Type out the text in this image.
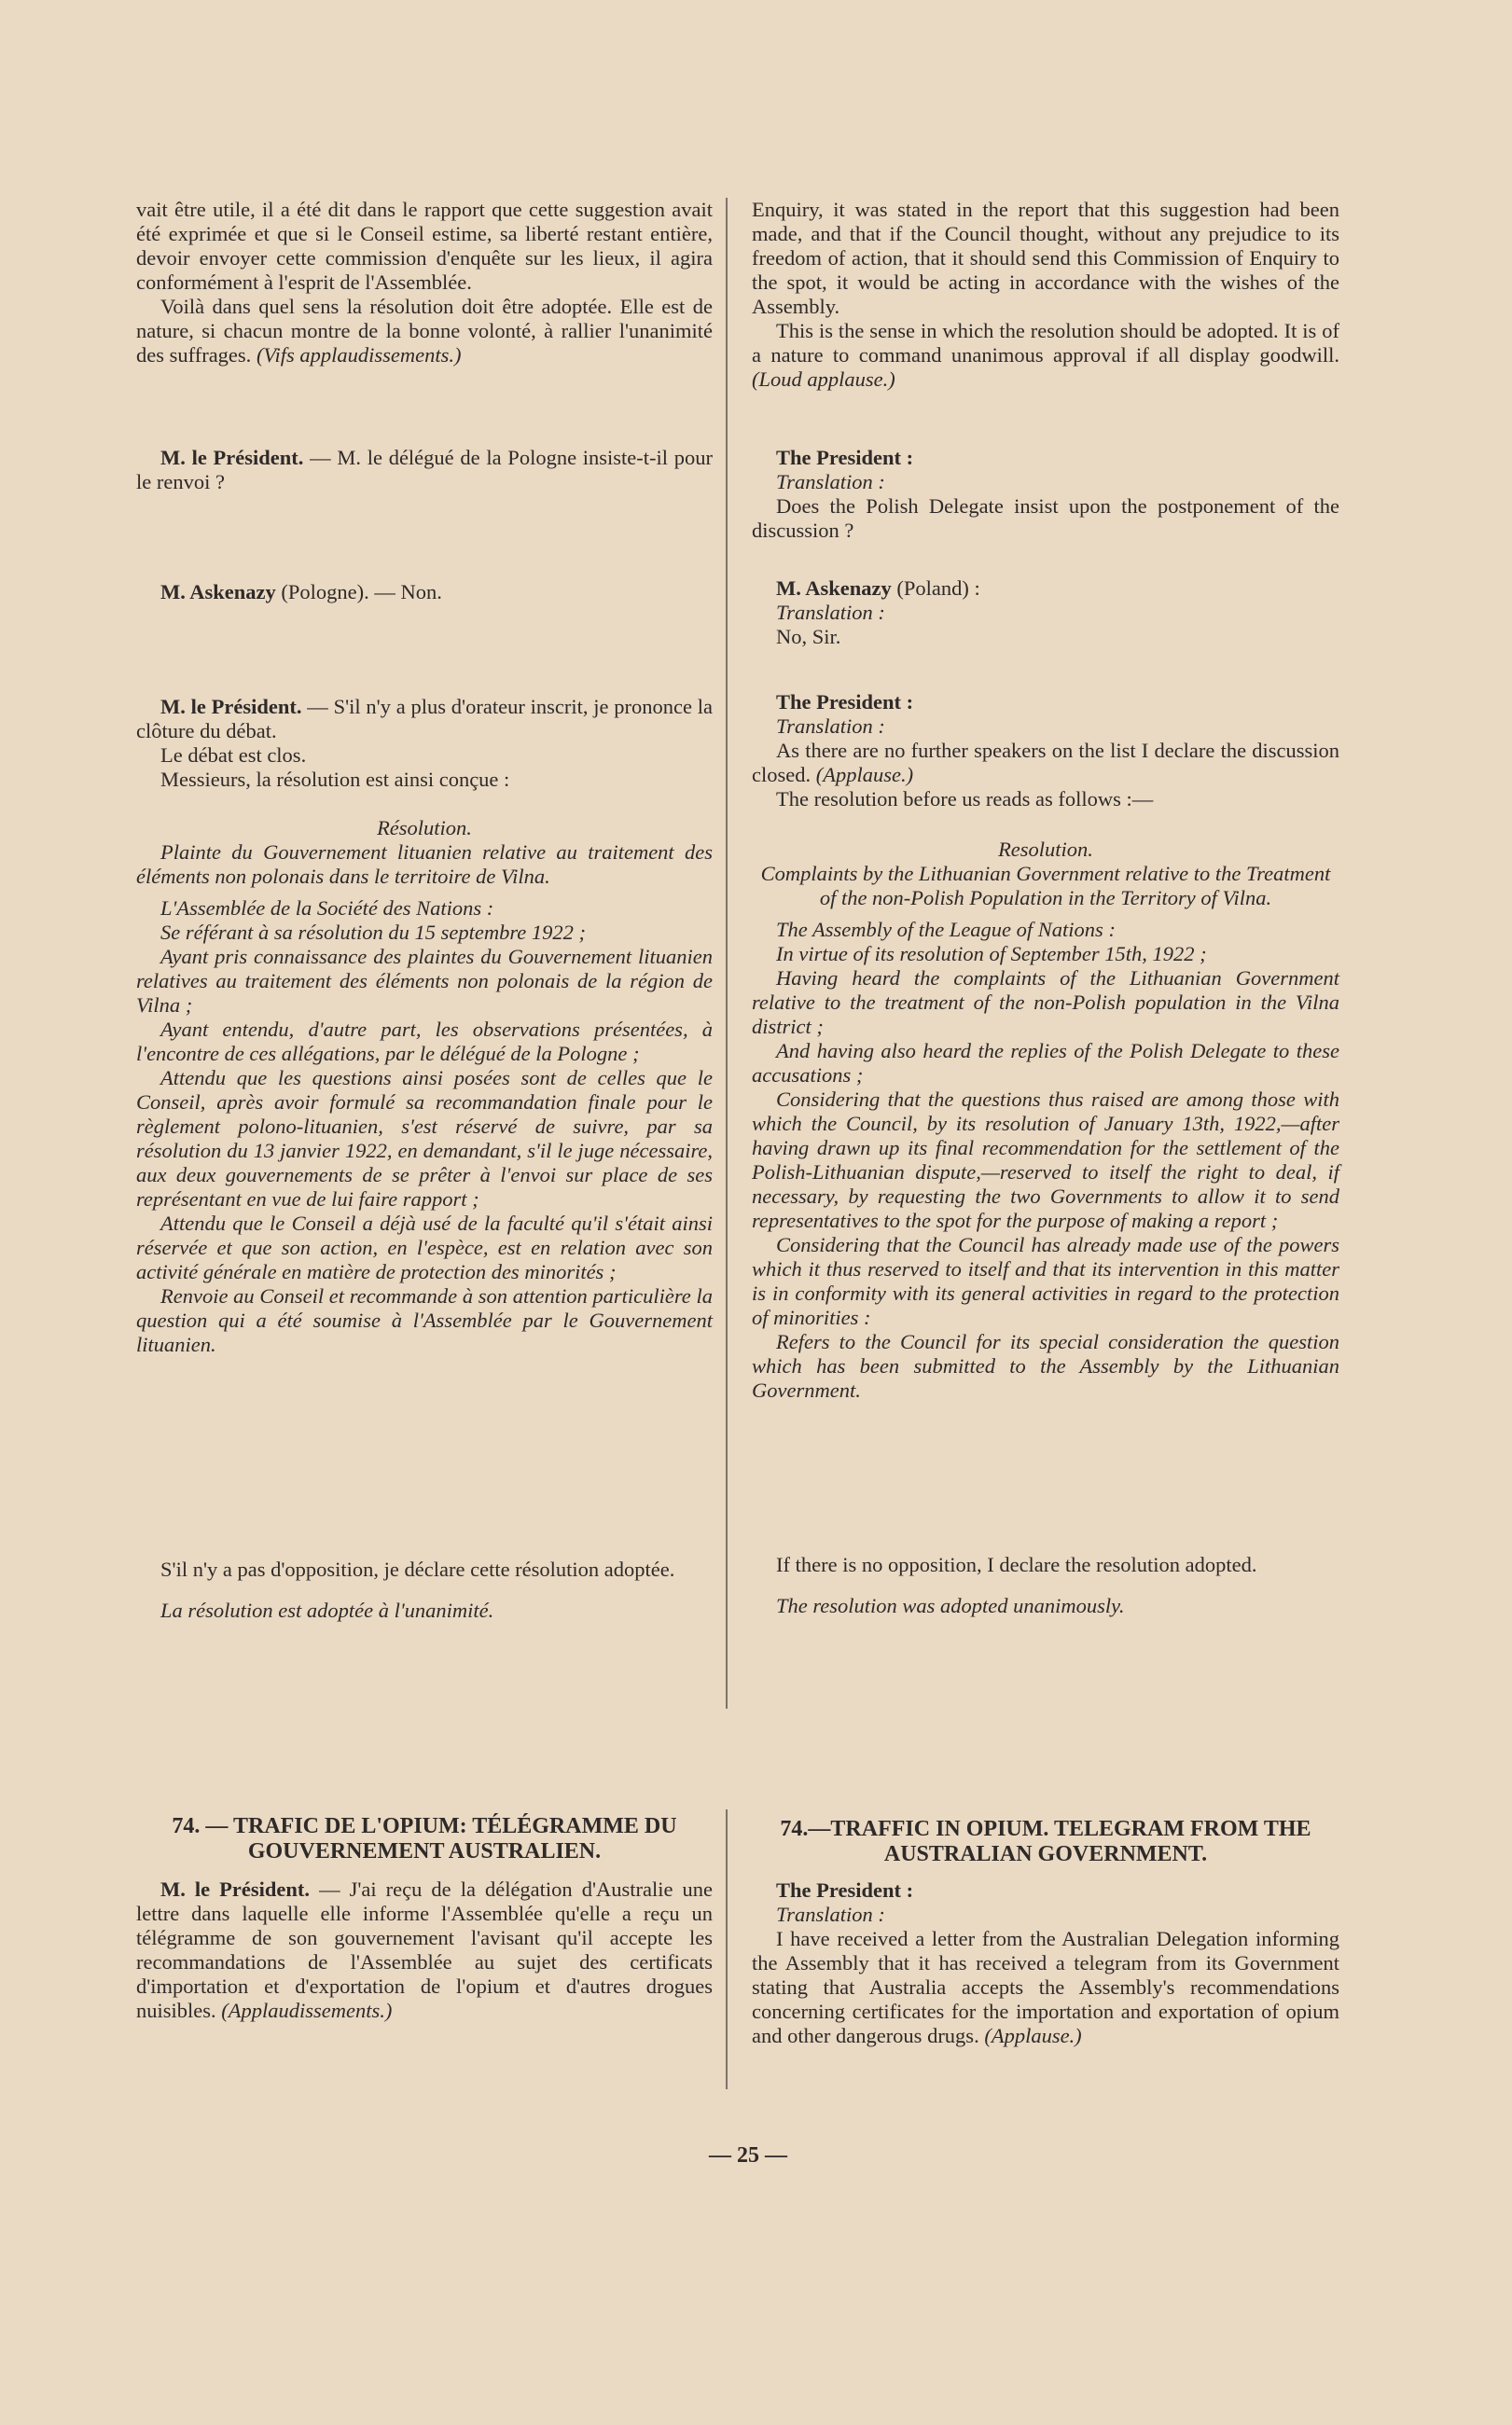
vait être utile, il a été dit dans le rapport que cette suggestion avait été exprimée et que si le Conseil estime, sa liberté restant entière, devoir envoyer cette commission d'enquête sur les lieux, il agira conformément à l'esprit de l'Assemblée.

Voilà dans quel sens la résolution doit être adoptée. Elle est de nature, si chacun montre de la bonne volonté, à rallier l'unanimité des suffrages. (Vifs applaudissements.)

M. le Président. — M. le délégué de la Pologne insiste-t-il pour le renvoi ?

M. Askenazy (Pologne). — Non.

M. le Président. — S'il n'y a plus d'orateur inscrit, je prononce la clôture du débat.

Le débat est clos.

Messieurs, la résolution est ainsi conçue :

Résolution.

Plainte du Gouvernement lituanien relative au traitement des éléments non polonais dans le territoire de Vilna.

L'Assemblée de la Société des Nations :

Se référant à sa résolution du 15 septembre 1922 ;

Ayant pris connaissance des plaintes du Gouvernement lituanien relatives au traitement des éléments non polonais de la région de Vilna ;

Ayant entendu, d'autre part, les observations présentées, à l'encontre de ces allégations, par le délégué de la Pologne ;

Attendu que les questions ainsi posées sont de celles que le Conseil, après avoir formulé sa recommandation finale pour le règlement polono-lituanien, s'est réservé de suivre, par sa résolution du 13 janvier 1922, en demandant, s'il le juge nécessaire, aux deux gouvernements de se prêter à l'envoi sur place de ses représentant en vue de lui faire rapport ;

Attendu que le Conseil a déjà usé de la faculté qu'il s'était ainsi réservée et que son action, en l'espèce, est en relation avec son activité générale en matière de protection des minorités ;

Renvoie au Conseil et recommande à son attention particulière la question qui a été soumise à l'Assemblée par le Gouvernement lituanien.

S'il n'y a pas d'opposition, je déclare cette résolution adoptée.

La résolution est adoptée à l'unanimité.

74. — TRAFIC DE L'OPIUM: TÉLÉGRAMME DU GOUVERNEMENT AUSTRALIEN.

M. le Président. — J'ai reçu de la délégation d'Australie une lettre dans laquelle elle informe l'Assemblée qu'elle a reçu un télégramme de son gouvernement l'avisant qu'il accepte les recommandations de l'Assemblée au sujet des certificats d'importation et d'exportation de l'opium et d'autres drogues nuisibles. (Applaudissements.)

Enquiry, it was stated in the report that this suggestion had been made, and that if the Council thought, without any prejudice to its freedom of action, that it should send this Commission of Enquiry to the spot, it would be acting in accordance with the wishes of the Assembly.

This is the sense in which the resolution should be adopted. It is of a nature to command unanimous approval if all display goodwill. (Loud applause.)

The President :

Translation :

Does the Polish Delegate insist upon the postponement of the discussion ?

M. Askenazy (Poland) :

Translation :

No, Sir.

The President :

Translation :

As there are no further speakers on the list I declare the discussion closed. (Applause.)

The resolution before us reads as follows :—

Resolution.

Complaints by the Lithuanian Government relative to the Treatment of the non-Polish Population in the Territory of Vilna.

The Assembly of the League of Nations :

In virtue of its resolution of September 15th, 1922 ;

Having heard the complaints of the Lithuanian Government relative to the treatment of the non-Polish population in the Vilna district ;

And having also heard the replies of the Polish Delegate to these accusations ;

Considering that the questions thus raised are among those with which the Council, by its resolution of January 13th, 1922,—after having drawn up its final recommendation for the settlement of the Polish-Lithuanian dispute,—reserved to itself the right to deal, if necessary, by requesting the two Governments to allow it to send representatives to the spot for the purpose of making a report ;

Considering that the Council has already made use of the powers which it thus reserved to itself and that its intervention in this matter is in conformity with its general activities in regard to the protection of minorities :

Refers to the Council for its special consideration the question which has been submitted to the Assembly by the Lithuanian Government.

If there is no opposition, I declare the resolution adopted.

The resolution was adopted unanimously.

74.—TRAFFIC IN OPIUM. TELEGRAM FROM THE AUSTRALIAN GOVERNMENT.

The President :

Translation :

I have received a letter from the Australian Delegation informing the Assembly that it has received a telegram from its Government stating that Australia accepts the Assembly's recommendations concerning certificates for the importation and exportation of opium and other dangerous drugs. (Applause.)

— 25 —
